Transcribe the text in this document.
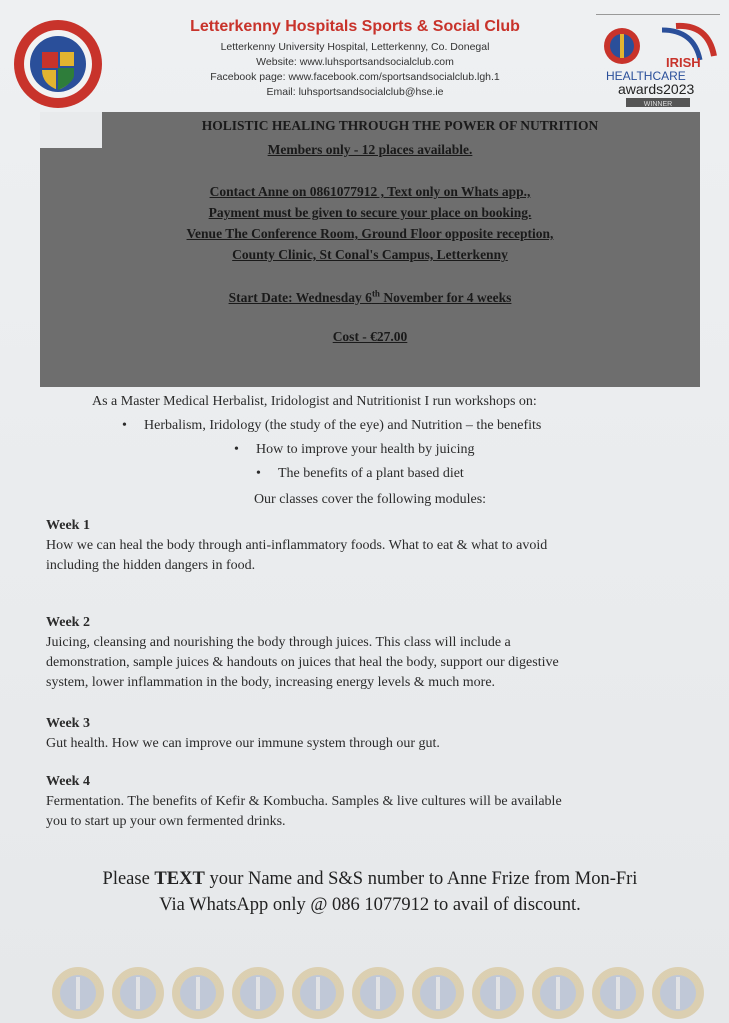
Letterkenny Hospitals Sports & Social Club
Letterkenny University Hospital, Letterkenny, Co. Donegal
Website: www.luhsportsandsocialclub.com
Facebook page: www.facebook.com/sportsandsocialclub.lgh.1
Email: luhsportsandsocialclub@hse.ie
IRISH
HEALTHCARE
awards2023
WINNER
HOLISTIC HEALING THROUGH THE POWER OF NUTRITION
Members only - 12 places available.
Contact Anne on 0861077912 , Text only on Whats app.,
Payment must be given to secure your place on booking.
Venue The Conference Room, Ground Floor opposite reception,
County Clinic, St Conal's Campus, Letterkenny
Start Date: Wednesday 6th November for 4 weeks
Cost - €27.00
As a Master Medical Herbalist, Iridologist and Nutritionist I run workshops on:
• Herbalism, Iridology (the study of the eye) and Nutrition – the benefits
• How to improve your health by juicing
• The benefits of a plant based diet
Our classes cover the following modules:
Week 1
How we can heal the body through anti-inflammatory foods. What to eat & what to avoid
including the hidden dangers in food.
Week 2
Juicing, cleansing and nourishing the body through juices. This class will include a
demonstration, sample juices & handouts on juices that heal the body, support our digestive
system, lower inflammation in the body, increasing energy levels & much more.
Week 3
Gut health. How we can improve our immune system through our gut.
Week 4
Fermentation. The benefits of Kefir & Kombucha. Samples & live cultures will be available
you to start up your own fermented drinks.
Please TEXT your Name and S&S number to Anne Frize from Mon-Fri
Via WhatsApp only @ 086 1077912 to avail of discount.
